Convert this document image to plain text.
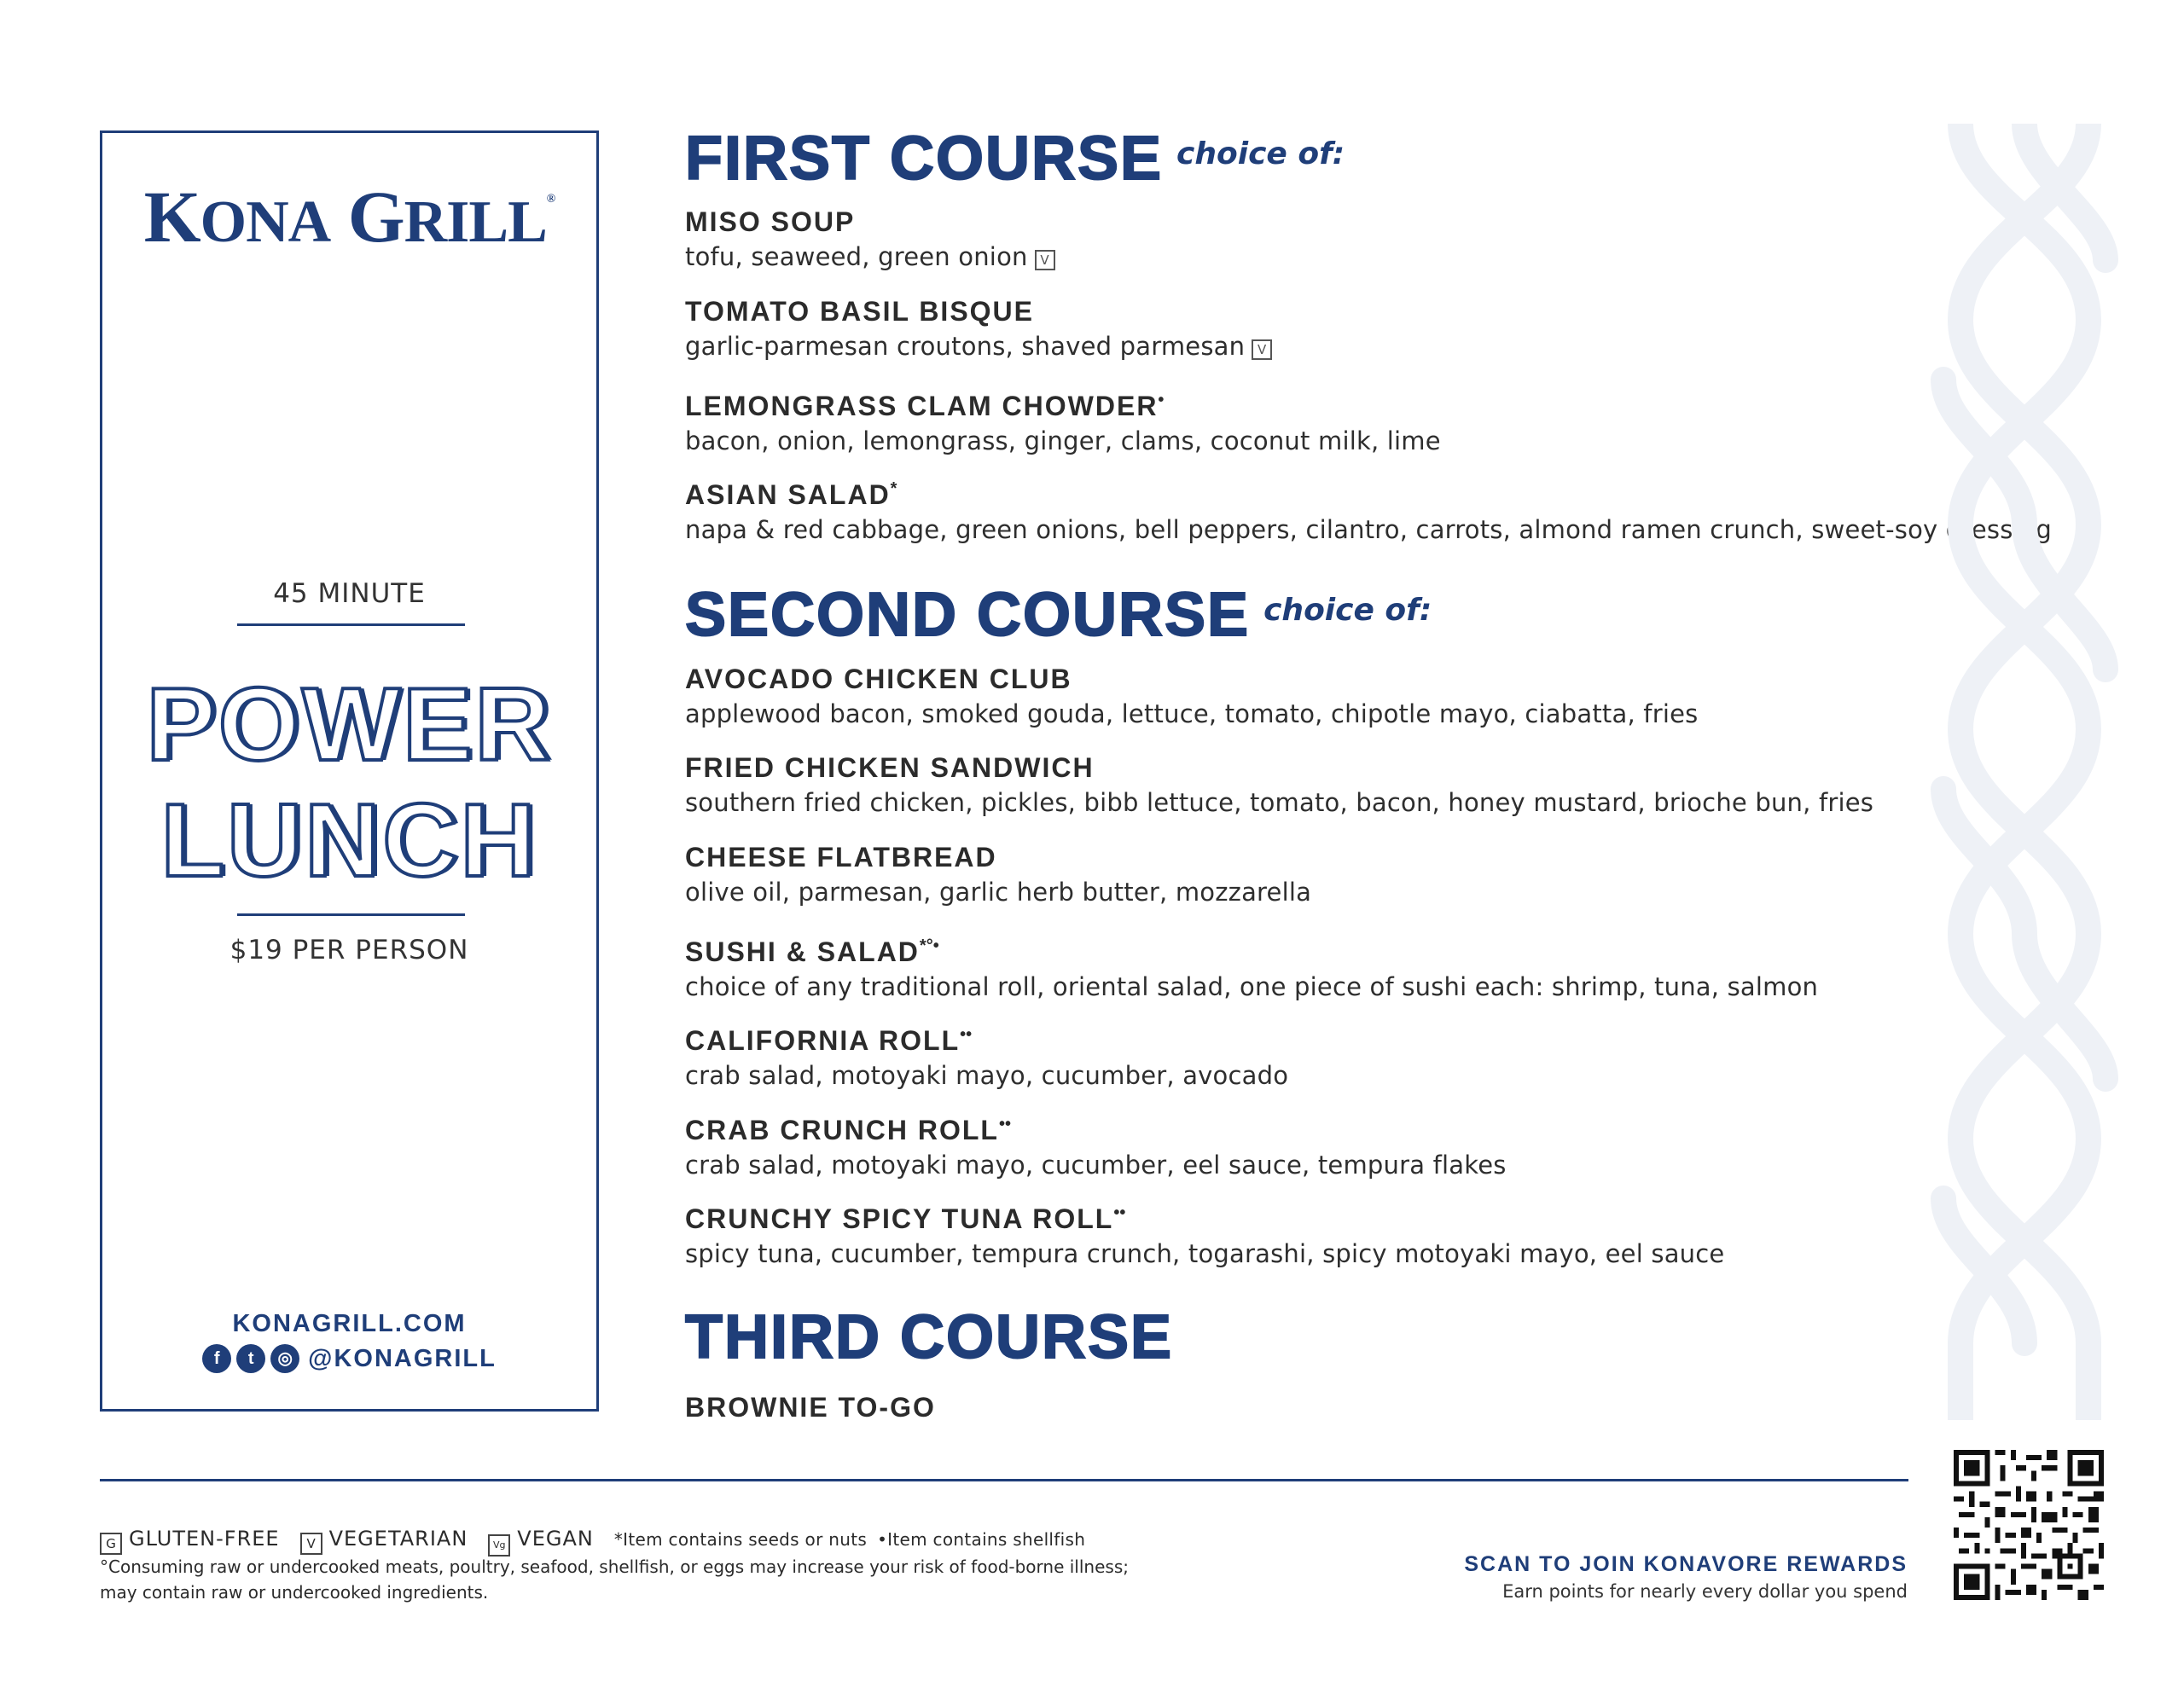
KONA GRILL®
45 MINUTE
POWER
LUNCH
$19 PER PERSON
KONAGRILL.COM
f t ◎ @KONAGRILL
FIRST COURSE choice of:
MISO SOUP
tofu, seaweed, green onion V
TOMATO BASIL BISQUE
garlic-parmesan croutons, shaved parmesan V
LEMONGRASS CLAM CHOWDER•
bacon, onion, lemongrass, ginger, clams, coconut milk, lime
ASIAN SALAD*
napa & red cabbage, green onions, bell peppers, cilantro, carrots, almond ramen crunch, sweet-soy dressing
SECOND COURSE choice of:
AVOCADO CHICKEN CLUB
applewood bacon, smoked gouda, lettuce, tomato, chipotle mayo, ciabatta, fries
FRIED CHICKEN SANDWICH
southern fried chicken, pickles, bibb lettuce, tomato, bacon, honey mustard, brioche bun, fries
CHEESE FLATBREAD
olive oil, parmesan, garlic herb butter, mozzarella
SUSHI & SALAD*°•
choice of any traditional roll, oriental salad, one piece of sushi each: shrimp, tuna, salmon
CALIFORNIA ROLL••
crab salad, motoyaki mayo, cucumber, avocado
CRAB CRUNCH ROLL••
crab salad, motoyaki mayo, cucumber, eel sauce, tempura flakes
CRUNCHY SPICY TUNA ROLL••
spicy tuna, cucumber, tempura crunch, togarashi, spicy motoyaki mayo, eel sauce
THIRD COURSE
BROWNIE TO-GO
G GLUTEN-FREE V VEGETARIAN	Vg VEGAN *Item contains seeds or nuts •Item contains shellfish
°Consuming raw or undercooked meats, poultry, seafood, shellfish, or eggs may increase your risk of food-borne illness;
may contain raw or undercooked ingredients.
SCAN TO JOIN KONAVORE REWARDS
Earn points for nearly every dollar you spend
